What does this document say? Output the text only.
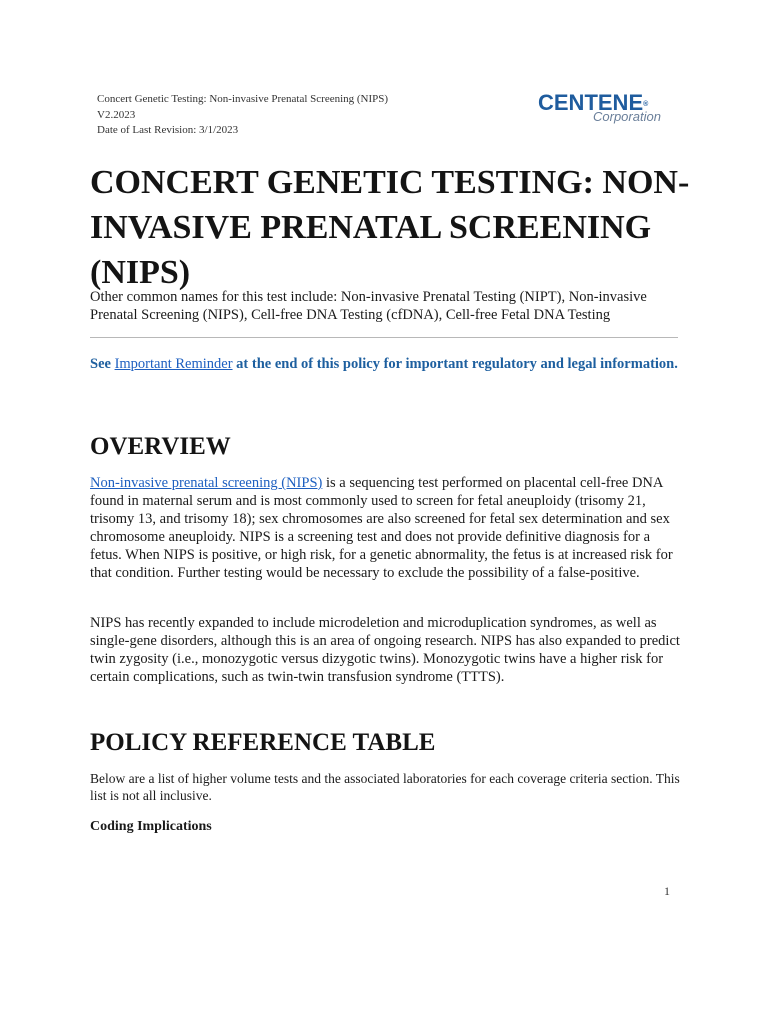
Concert Genetic Testing: Non-invasive Prenatal Screening (NIPS)
V2.2023
Date of Last Revision: 3/1/2023
CENTENE®
Corporation
CONCERT GENETIC TESTING: NON-INVASIVE PRENATAL SCREENING (NIPS)
Other common names for this test include: Non-invasive Prenatal Testing (NIPT), Non-invasive Prenatal Screening (NIPS), Cell-free DNA Testing (cfDNA), Cell-free Fetal DNA Testing
See Important Reminder at the end of this policy for important regulatory and legal information.
OVERVIEW

Non-invasive prenatal screening (NIPS) is a sequencing test performed on placental cell-free DNA found in maternal serum and is most commonly used to screen for fetal aneuploidy (trisomy 21, trisomy 13, and trisomy 18); sex chromosomes are also screened for fetal sex determination and sex chromosome aneuploidy. NIPS is a screening test and does not provide definitive diagnosis for a fetus. When NIPS is positive, or high risk, for a genetic abnormality, the fetus is at increased risk for that condition. Further testing would be necessary to exclude the possibility of a false-positive.

NIPS has recently expanded to include microdeletion and microduplication syndromes, as well as single-gene disorders, although this is an area of ongoing research. NIPS has also expanded to predict twin zygosity (i.e., monozygotic versus dizygotic twins). Monozygotic twins have a higher risk for certain complications, such as twin-twin transfusion syndrome (TTTS).

POLICY REFERENCE TABLE

Below are a list of higher volume tests and the associated laboratories for each coverage criteria section. This list is not all inclusive.

Coding Implications
1
